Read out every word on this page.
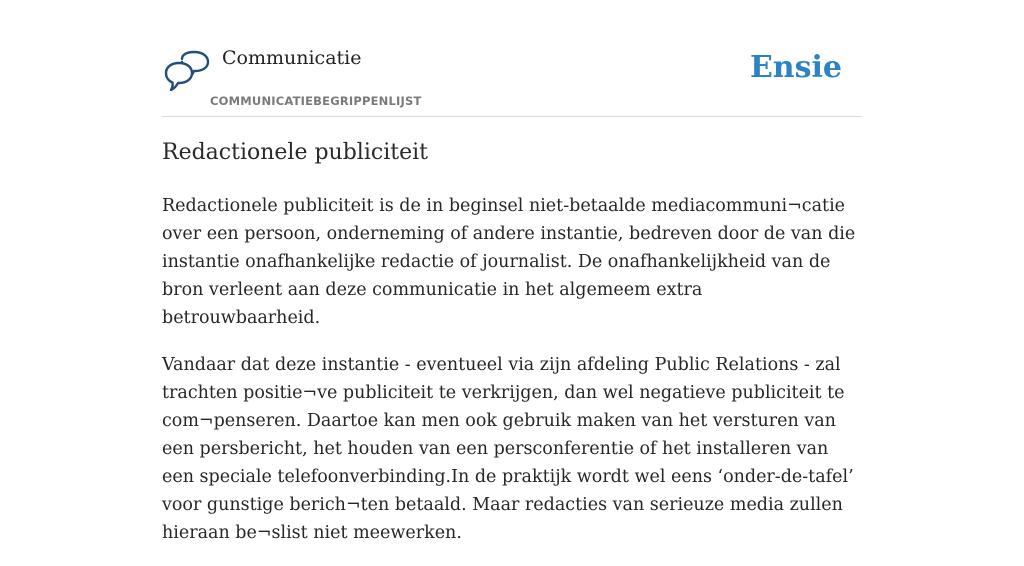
Communicatie
COMMUNICATIEBEGRIPPENLIJST
Ensie
Redactionele publiciteit

Redactionele publiciteit is de in beginsel niet-betaalde mediacommuni¬catie over een persoon, onderneming of andere instantie, bedreven door de van die instantie onafhankelijke redactie of journalist. De onafhankelijkheid van de bron verleent aan deze communicatie in het algemeem extra betrouwbaarheid.

Vandaar dat deze instantie - eventueel via zijn afdeling Public Relations - zal trachten positie¬ve publiciteit te verkrijgen, dan wel negatieve publiciteit te com¬penseren. Daartoe kan men ook gebruik maken van het versturen van een persbericht, het houden van een persconferentie of het installeren van een speciale telefoonverbinding.In de praktijk wordt wel eens ‘onder-de-tafel’ voor gunstige berich¬ten betaald. Maar redacties van serieuze media zullen hieraan be¬slist niet meewerken.
